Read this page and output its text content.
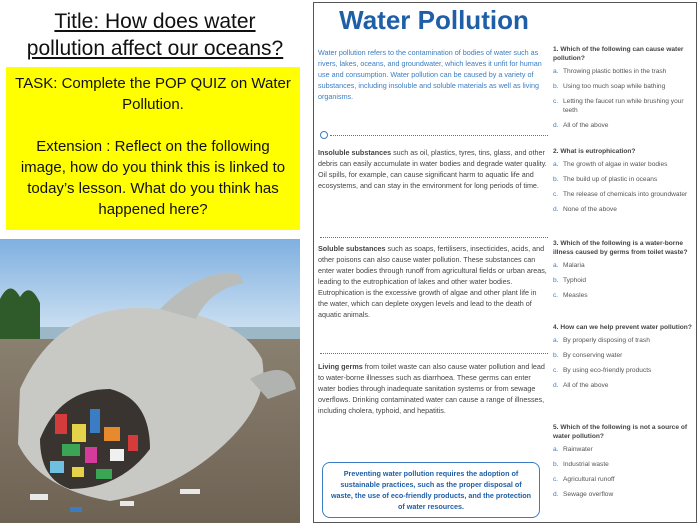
Title: How does water
pollution affect our oceans?

TASK: Complete the POP QUIZ on Water Pollution.

Extension : Reflect on the following image, how do you think this is linked to today’s lesson. What do you think has happened here?

Water Pollution
Water pollution refers to the contamination of bodies of water such as rivers, lakes, oceans, and groundwater, which leaves it unfit for human use and consumption. Water pollution can be caused by a variety of substances, including insoluble and soluble materials as well as living organisms.
Insoluble substances such as oil, plastics, tyres, tins, glass, and other debris can easily accumulate in water bodies and degrade water quality. Oil spills, for example, can cause significant harm to aquatic life and ecosystems, and can stay in the environment for long periods of time.
Soluble substances such as soaps, fertilisers, insecticides, acids, and other poisons can also cause water pollution. These substances can enter water bodies through runoff from agricultural fields or urban areas, leading to the eutrophication of lakes and other water bodies. Eutrophication is the excessive growth of algae and other plant life in the water, which can deplete oxygen levels and lead to the death of aquatic animals.
Living germs from toilet waste can also cause water pollution and lead to water-borne illnesses such as diarrhoea. These germs can enter water bodies through inadequate sanitation systems or from sewage overflows. Drinking contaminated water can cause a range of illnesses, including cholera, typhoid, and hepatitis.
Preventing water pollution requires the adoption of sustainable practices, such as the proper disposal of waste, the use of eco-friendly products, and the protection of water resources.
1. Which of the following can cause water pollution?
a. Throwing plastic bottles in the trash
b. Using too much soap while bathing
c. Letting the faucet run while brushing your teeth
d. All of the above
2. What is eutrophication?
a. The growth of algae in water bodies
b. The build up of plastic in oceans
c. The release of chemicals into groundwater
d. None of the above
3. Which of the following is a water-borne illness caused by germs from toilet waste?
a. Malaria
b. Typhoid
c. Measles
4. How can we help prevent water pollution?
a. By properly disposing of trash
b. By conserving water
c. By using eco-friendly products
d. All of the above
5. Which of the following is not a source of water pollution?
a. Rainwater
b. Industrial waste
c. Agricultural runoff
d. Sewage overflow
